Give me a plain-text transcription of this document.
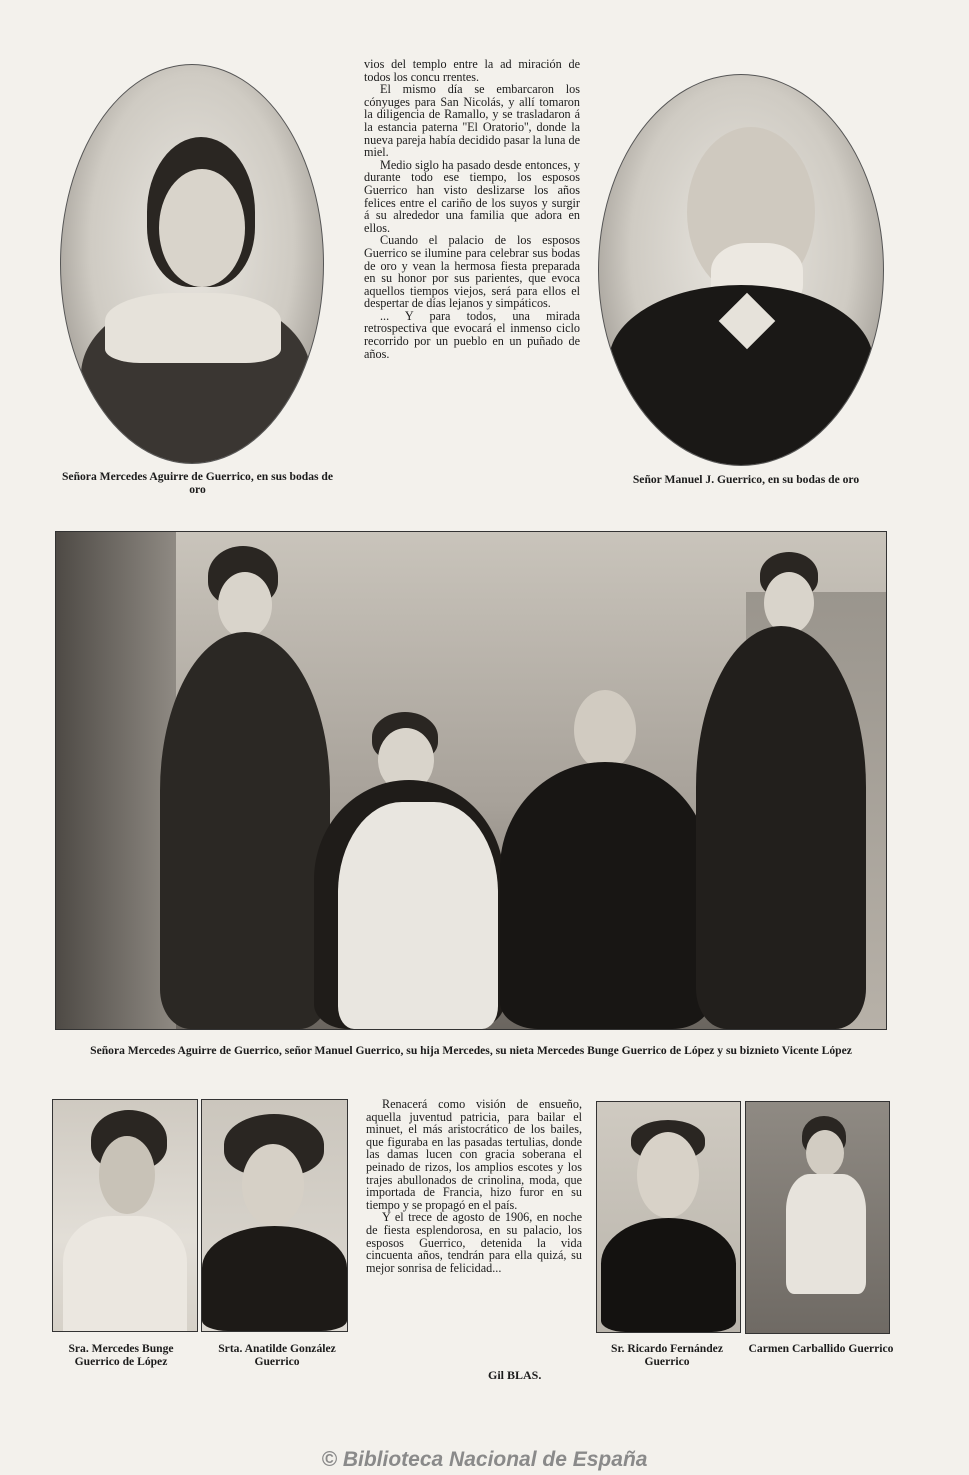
Señora Mercedes Aguirre de Guerrico, en sus bodas de oro

vios del templo entre la ad miración de todos los concu rrentes.

El mismo día se embarcaron los cónyuges para San Nicolás, y allí tomaron la diligencia de Ramallo, y se trasladaron á la estancia paterna ''El Oratorio'', donde la nueva pareja había decidido pasar la luna de miel.

Medio siglo ha pasado desde entonces, y durante todo ese tiempo, los esposos Guerrico han visto deslizarse los años felices entre el cariño de los suyos y surgir á su alrededor una familia que adora en ellos.

Cuando el palacio de los esposos Guerrico se ilumine para celebrar sus bodas de oro y vean la hermosa fiesta preparada en su honor por sus parientes, que evoca aquellos tiempos viejos, será para ellos el despertar de días lejanos y simpáticos.

... Y para todos, una mirada retrospectiva que evocará el inmenso ciclo recorrido por un pueblo en un puñado de años.

Señor Manuel J. Guerrico, en su bodas de oro
Señora Mercedes Aguirre de Guerrico, señor Manuel Guerrico, su hija Mercedes, su nieta Mercedes Bunge Guerrico de López y su biznieto Vicente López
Sra. Mercedes Bunge Guerrico de López
Srta. Anatilde González Guerrico

Renacerá como visión de ensueño, aquella juventud patricia, para bailar el minuet, el más aristocrático de los bailes, que figuraba en las pasadas tertulias, donde las damas lucen con gracia soberana el peinado de rizos, los amplios escotes y los trajes abullonados de crinolina, moda, que importada de Francia, hizo furor en su tiempo y se propagó en el país.

Y el trece de agosto de 1906, en noche de fiesta esplendorosa, en su palacio, los esposos Guerrico, detenida la vida cincuenta años, tendrán para ella quizá, su mejor sonrisa de felicidad...

Gil BLAS.
Sr. Ricardo Fernández Guerrico
Carmen Carballido Guerrico
© Biblioteca Nacional de España
